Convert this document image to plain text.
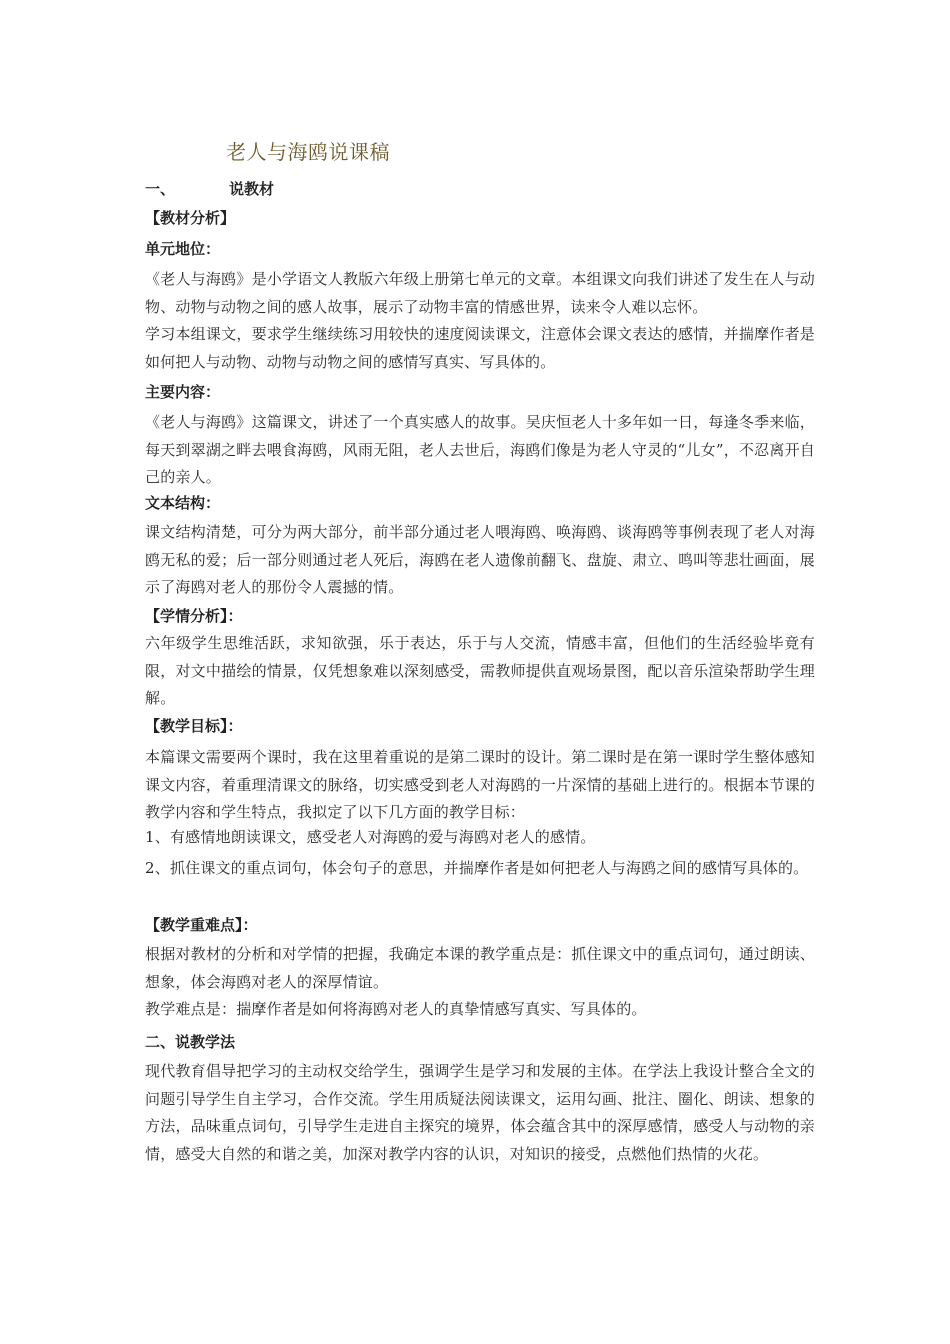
老人与海鸥说课稿
一、	说教材
【教材分析】
单元地位：
《老人与海鸥》是小学语文人教版六年级上册第七单元的文章。本组课文向我们讲述了发生在人与动物、动物与动物之间的感人故事，展示了动物丰富的情感世界，读来令人难以忘怀。
学习本组课文，要求学生继续练习用较快的速度阅读课文，注意体会课文表达的感情，并揣摩作者是如何把人与动物、动物与动物之间的感情写真实、写具体的。
主要内容：
《老人与海鸥》这篇课文，讲述了一个真实感人的故事。吴庆恒老人十多年如一日，每逢冬季来临，每天到翠湖之畔去喂食海鸥，风雨无阻，老人去世后，海鸥们像是为老人守灵的“儿女”，不忍离开自己的亲人。
文本结构：
课文结构清楚，可分为两大部分，前半部分通过老人喂海鸥、唤海鸥、谈海鸥等事例表现了老人对海鸥无私的爱；后一部分则通过老人死后，海鸥在老人遗像前翻飞、盘旋、肃立、鸣叫等悲壮画面，展示了海鸥对老人的那份令人震撼的情。
【学情分析】：
六年级学生思维活跃，求知欲强，乐于表达，乐于与人交流，情感丰富，但他们的生活经验毕竟有限，对文中描绘的情景，仅凭想象难以深刻感受，需教师提供直观场景图，配以音乐渲染帮助学生理解。
【教学目标】：
本篇课文需要两个课时，我在这里着重说的是第二课时的设计。第二课时是在第一课时学生整体感知课文内容，着重理清课文的脉络，切实感受到老人对海鸥的一片深情的基础上进行的。根据本节课的教学内容和学生特点，我拟定了以下几方面的教学目标：
1、有感情地朗读课文，感受老人对海鸥的爱与海鸥对老人的感情。
2、抓住课文的重点词句，体会句子的意思，并揣摩作者是如何把老人与海鸥之间的感情写具体的。
【教学重难点】：
根据对教材的分析和对学情的把握，我确定本课的教学重点是：抓住课文中的重点词句，通过朗读、想象，体会海鸥对老人的深厚情谊。
教学难点是：揣摩作者是如何将海鸥对老人的真挚情感写真实、写具体的。
二、说教学法
现代教育倡导把学习的主动权交给学生，强调学生是学习和发展的主体。在学法上我设计整合全文的问题引导学生自主学习，合作交流。学生用质疑法阅读课文，运用勾画、批注、圈化、朗读、想象的方法，品味重点词句，引导学生走进自主探究的境界，体会蕴含其中的深厚感情，感受人与动物的亲情，感受大自然的和谐之美，加深对教学内容的认识，对知识的接受，点燃他们热情的火花。
